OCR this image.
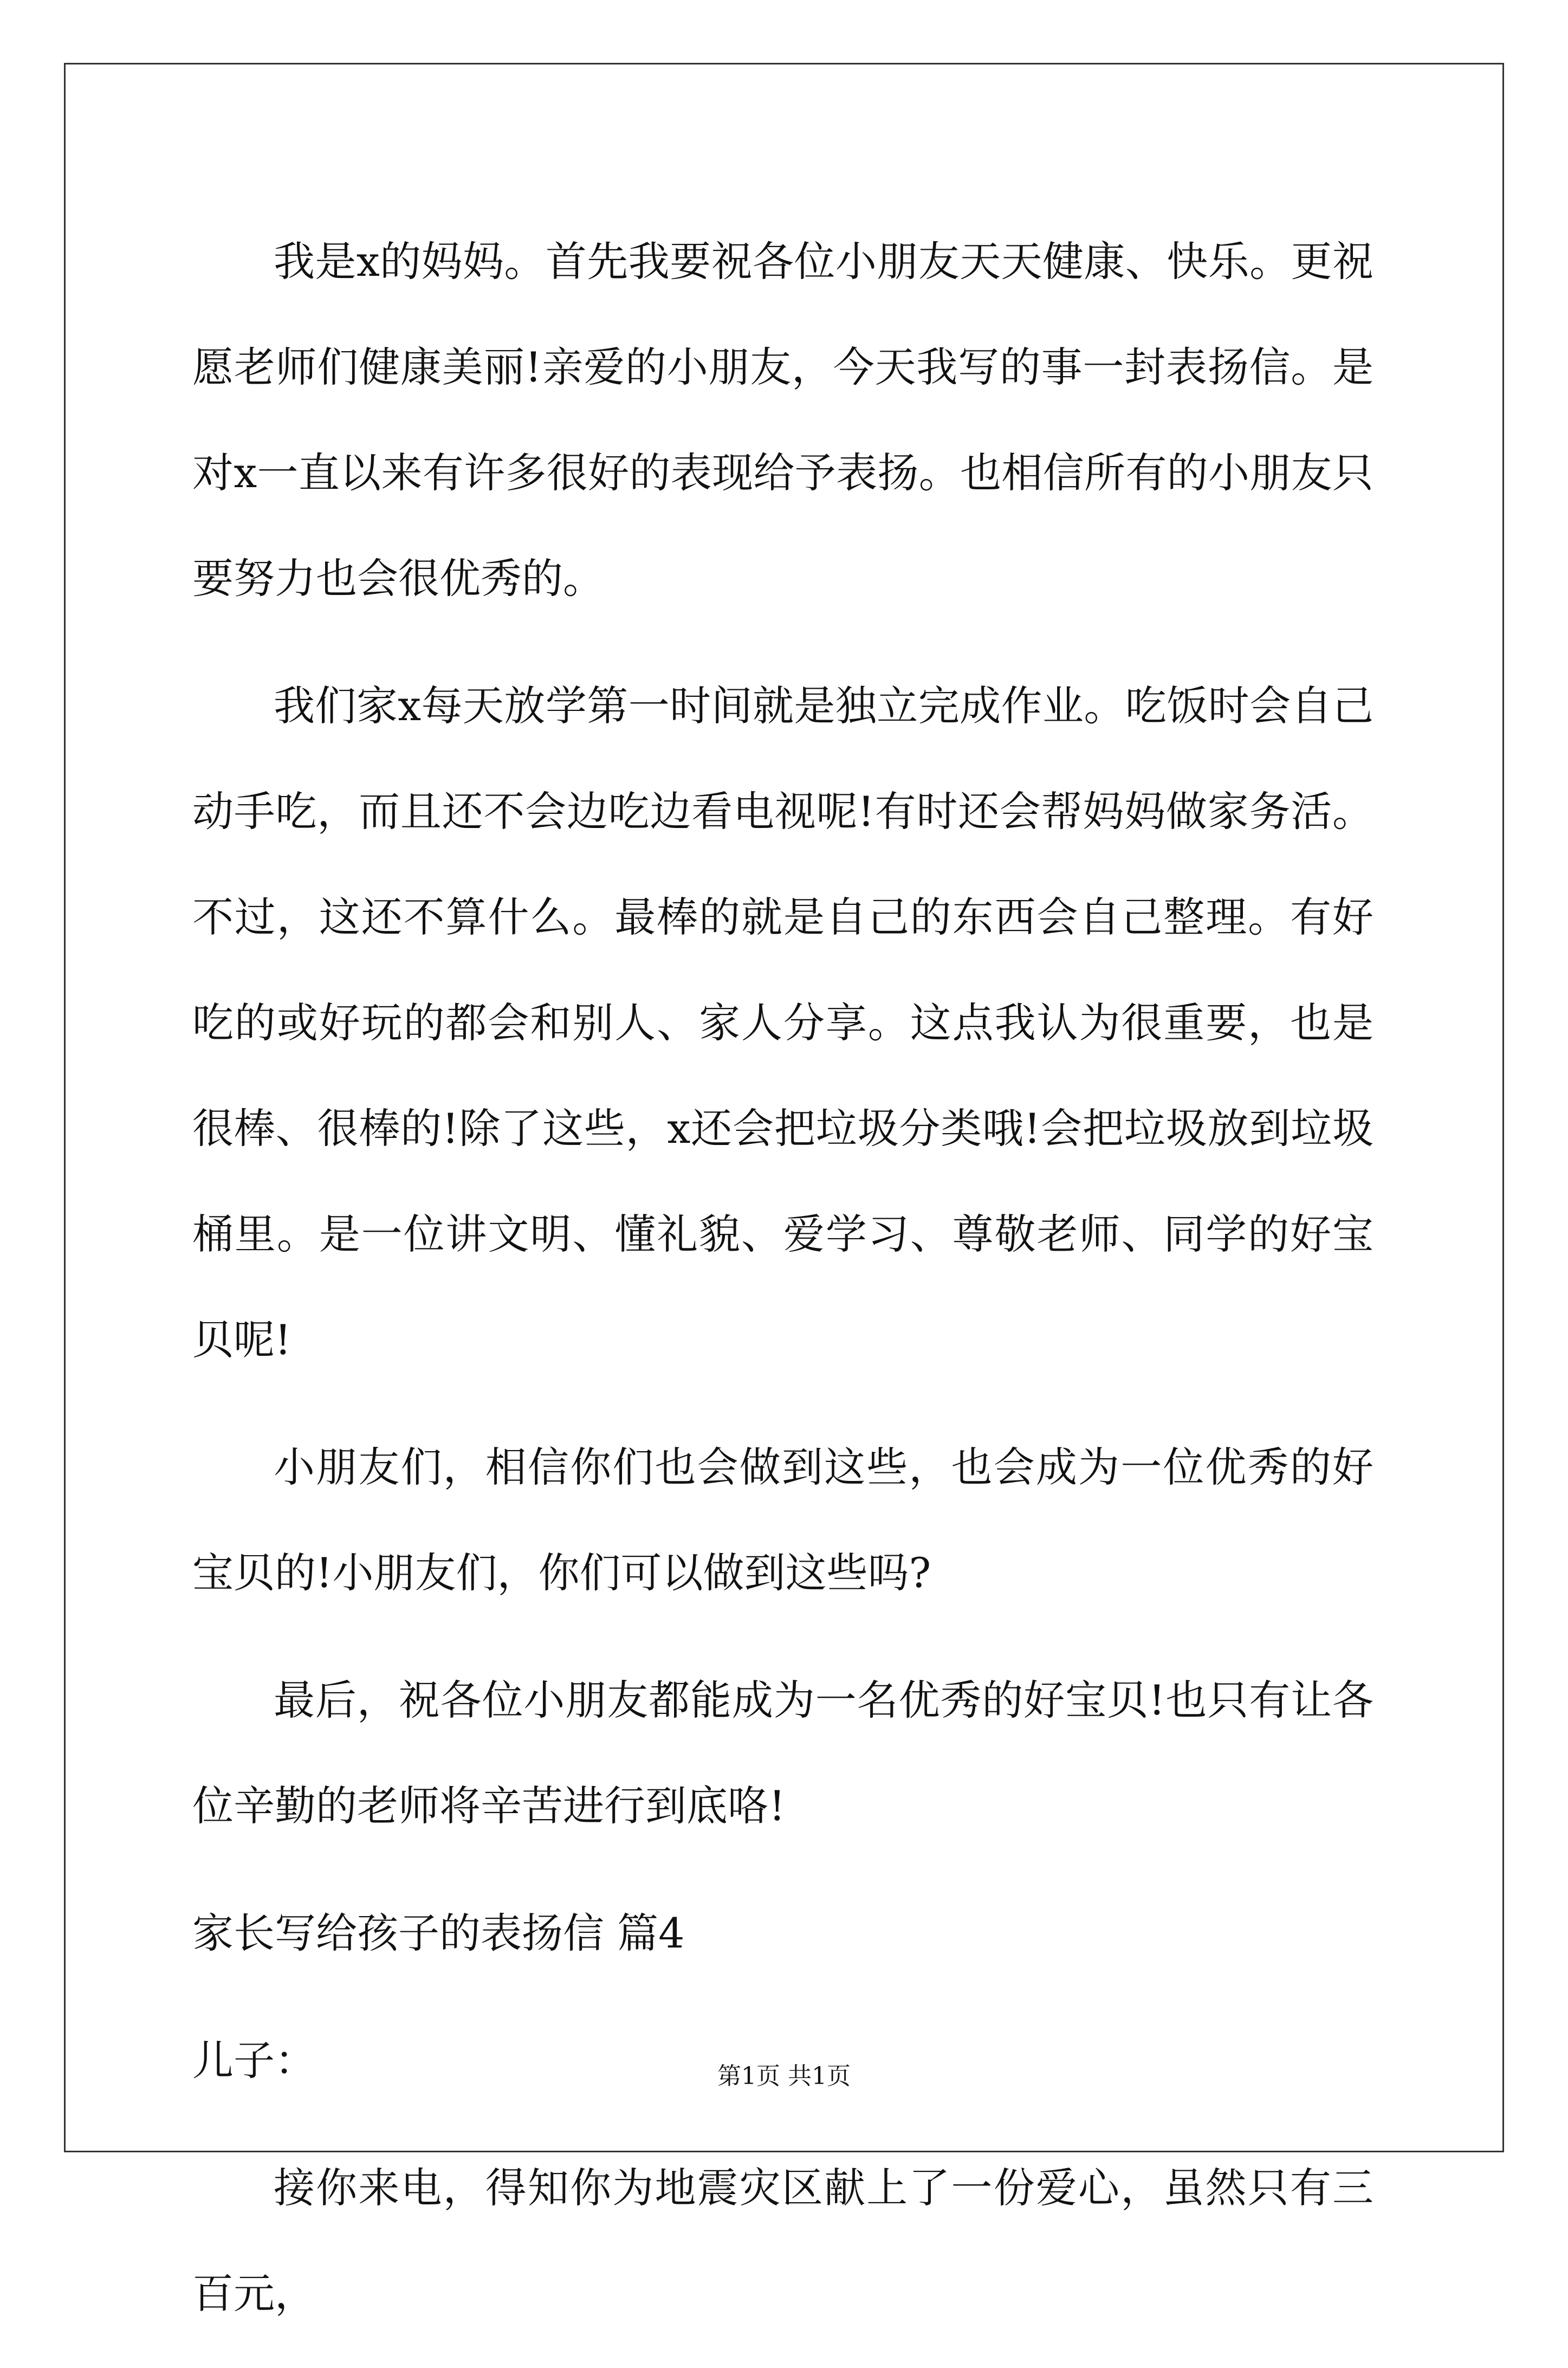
我是x的妈妈。首先我要祝各位小朋友天天健康、快乐。更祝愿老师们健康美丽!亲爱的小朋友，今天我写的事一封表扬信。是对x一直以来有许多很好的表现给予表扬。也相信所有的小朋友只要努力也会很优秀的。

我们家x每天放学第一时间就是独立完成作业。吃饭时会自己动手吃，而且还不会边吃边看电视呢!有时还会帮妈妈做家务活。不过，这还不算什么。最棒的就是自己的东西会自己整理。有好吃的或好玩的都会和别人、家人分享。这点我认为很重要，也是很棒、很棒的!除了这些，x还会把垃圾分类哦!会把垃圾放到垃圾桶里。是一位讲文明、懂礼貌、爱学习、尊敬老师、同学的好宝贝呢!

小朋友们，相信你们也会做到这些，也会成为一位优秀的好宝贝的!小朋友们，你们可以做到这些吗?

最后，祝各位小朋友都能成为一名优秀的好宝贝!也只有让各位辛勤的老师将辛苦进行到底咯!

家长写给孩子的表扬信 篇4

儿子：

接你来电，得知你为地震灾区献上了一份爱心，虽然只有三百元，

第1页 共1页
